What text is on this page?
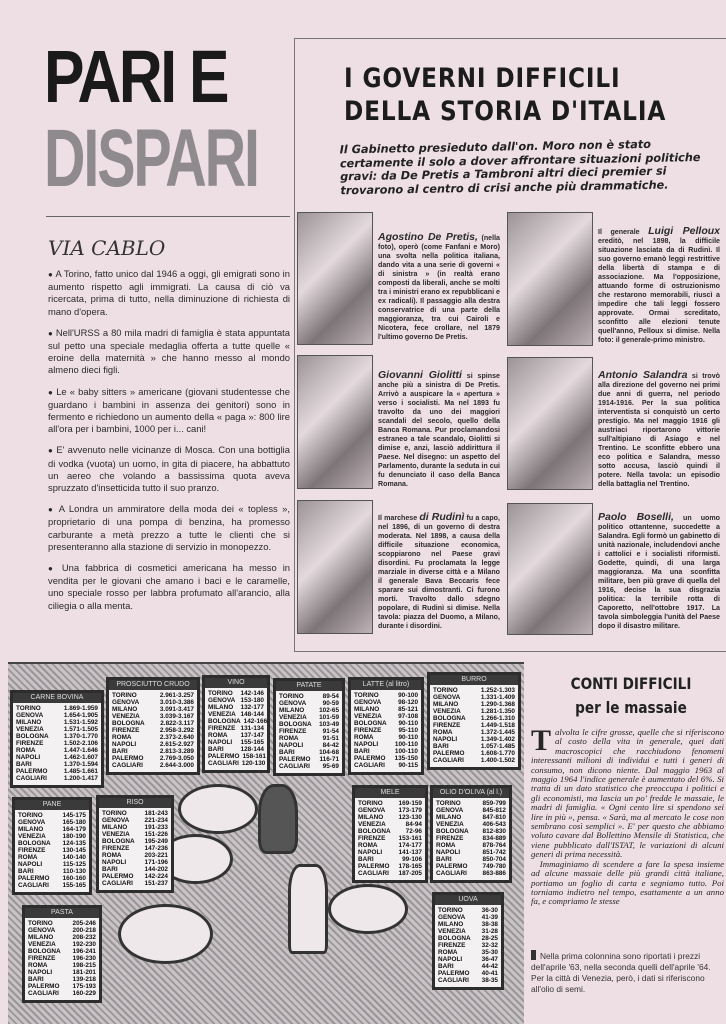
PARI E
DISPARI
VIA CABLO

● A Torino, fatto unico dal 1946 a oggi, gli emigrati sono in aumento rispetto agli immigrati. La causa di ciò va ricercata, prima di tutto, nella diminuzione di richiesta di mano d'opera.

● Nell'URSS a 80 mila madri di famiglia è stata appuntata sul petto una speciale medaglia offerta a tutte quelle « eroine della maternità » che hanno messo al mondo almeno dieci figli.

● Le « baby sitters » americane (giovani studentesse che guardano i bambini in assenza dei genitori) sono in fermento e richiedono un aumento della « paga »: 800 lire all'ora per i bambini, 1000 per i... cani!

● E' avvenuto nelle vicinanze di Mosca. Con una bottiglia di vodka (vuota) un uomo, in gita di piacere, ha abbattuto un aereo che volando a bassissima quota aveva spruzzato d'insetticida tutto il suo pranzo.

● A Londra un ammiratore della moda dei « topless », proprietario di una pompa di benzina, ha promesso carburante a metà prezzo a tutte le clienti che si presenteranno alla stazione di servizio in monopezzo.

● Una fabbrica di cosmetici americana ha messo in vendita per le giovani che amano i baci e le caramelle, uno speciale rosso per labbra profumato all'arancio, alla ciliegia o alla menta.

I GOVERNI DIFFICILI
DELLA STORIA D'ITALIA
Il Gabinetto presieduto dall'on. Moro non è stato certamente il solo a dover affrontare situazioni politiche gravi: da De Pretis a Tambroni altri dieci premier si trovarono al centro di crisi anche più drammatiche.
Agostino De Pretis, (nella foto), operò (come Fanfani e Moro) una svolta nella politica italiana, dando vita a una serie di governi « di sinistra » (in realtà erano composti da liberali, anche se molti tra i ministri erano ex repubblicani e ex radicali). Il passaggio alla destra conservatrice di una parte della maggioranza, tra cui Cairoli e Nicotera, fece crollare, nel 1879 l'ultimo governo De Pretis.
Il generale Luigi Pelloux ereditò, nel 1898, la difficile situazione lasciata da di Rudinì. Il suo governo emanò leggi restrittive della libertà di stampa e di associazione. Ma l'opposizione, attuando forme di ostruzionismo che restarono memorabili, riuscì a impedire che tali leggi fossero approvate. Ormai screditato, sconfitto alle elezioni tenute quell'anno, Pelloux si dimise. Nella foto: il generale-primo ministro.
Giovanni Giolitti si spinse anche più a sinistra di De Pretis. Arrivò a auspicare la « apertura » verso i socialisti. Ma nel 1893 fu travolto da uno dei maggiori scandali del secolo, quello della Banca Romana. Pur proclamandosi estraneo a tale scandalo, Giolitti si dimise e, anzi, lasciò addirittura il Paese. Nel disegno: un aspetto del Parlamento, durante la seduta in cui fu denunciato il caso della Banca Romana.
Antonio Salandra si trovò alla direzione del governo nei primi due anni di guerra, nel periodo 1914-1916. Per la sua politica interventista si conquistò un certo prestigio. Ma nel maggio 1916 gli austriaci riportarono vittorie sull'altipiano di Asiago e nel Trentino. Le sconfitte ebbero una eco politica e Salandra, messo sotto accusa, lasciò quindi il potere. Nella tavola: un episodio della battaglia nel Trentino.
Il marchese di Rudinì fu a capo, nel 1896, di un governo di destra moderata. Nel 1898, a causa della difficile situazione economica, scoppiarono nel Paese gravi disordini. Fu proclamata la legge marziale in diverse città e a Milano il generale Bava Beccaris fece sparare sui dimostranti. Ci furono morti. Travolto dallo sdegno popolare, di Rudinì si dimise. Nella tavola: piazza del Duomo, a Milano, durante i disordini.
Paolo Boselli, un uomo politico ottantenne, succedette a Salandra. Egli formò un gabinetto di unità nazionale, includendovi anche i cattolici e i socialisti riformisti. Godette, quindi, di una larga maggioranza. Ma una sconfitta militare, ben più grave di quella del 1916, decise la sua disgrazia politica: la terribile rotta di Caporetto, nell'ottobre 1917. La tavola simboleggia l'unità del Paese dopo il disastro militare.
CARNE BOVINA
TORINO	1.869-1.959
GENOVA	1.654-1.905
MILANO	1.531-1.592
VENEZIA	1.571-1.505
BOLOGNA 1.370-1.770
FIRENZE	1.502-2.106
ROMA	1.447-1.646
NAPOLI	1.462-1.607
BARI	1.370-1.594
PALERMO	1.485-1.661
CAGLIARI	1.200-1.417
PROSCIUTTO CRUDO
TORINO	2.961-3.257
GENOVA	3.010-3.386
MILANO	3.091-3.417
VENEZIA	3.039-3.167
BOLOGNA 2.822-3.117
FIRENZE	2.958-3.292
ROMA	2.373-2.640
NAPOLI	2.615-2.927
BARI	2.813-3.289
PALERMO	2.769-3.050
CAGLIARI	2.644-3.000
VINO
TORINO 142-146
GENOVA 153-180
MILANO 132-177
VENEZIA 148-144
BOLOGNA 142-166
FIRENZE 131-134
ROMA 137-147
NAPOLI 155-165
BARI	128-144
PALERMO 158-161
CAGLIARI 120-130
PATATE
TORINO	89-54
GENOVA	90-59
MILANO 102-65
VENEZIA 101-59
BOLOGNA 103-49
FIRENZE	91-54
ROMA	91-51
NAPOLI	84-42
BARI	104-68
PALERMO 116-71
CAGLIARI 95-69
LATTE (al litro)
TORINO	90-100
GENOVA	98-120
MILANO	85-121
VENEZIA	97-108
BOLOGNA 90-110
FIRENZE	95-110
ROMA	90-110
NAPOLI	100-110
BARI	100-110
PALERMO 135-150
CAGLIARI 90-115
BURRO
TORINO	1.252-1.303
GENOVA	1.331-1.409
MILANO	1.290-1.368
VENEZIA	1.281-1.350
BOLOGNA 1.266-1.310
FIRENZE	1.449-1.518
ROMA	1.372-1.445
NAPOLI	1.349-1.402
BARI	1.057-1.485
PALERMO	1.608-1.770
CAGLIARI	1.400-1.502
PANE
TORINO	145-175
GENOVA	165-180
MILANO	164-179
VENEZIA	180-190
BOLOGNA 124-135
FIRENZE	130-145
ROMA	140-140
NAPOLI	115-125
BARI	110-130
PALERMO 160-160
CAGLIARI 155-165
RISO
TORINO	181-243
GENOVA 221-234
MILANO	191-233
VENEZIA 151-226
BOLOGNA 195-249
FIRENZE 147-236
ROMA	203-221
NAPOLI	171-196
BARI	144-202
PALERMO 142-224
CAGLIARI 151-237
MELE
TORINO 169-159
GENOVA 173-179
MILANO 123-130
VENEZIA	84-94
BOLOGNA 72-96
FIRENZE 153-161
ROMA	174-177
NAPOLI	141-137
BARI	99-106
PALERMO 178-165
CAGLIARI 187-205
OLIO D'OLIVA (al l.)
TORINO	859-799
GENOVA	845-812
MILANO	847-810
VENEZIA	406-543
BOLOGNA 812-830
FIRENZE	834-889
ROMA	878-764
NAPOLI	851-742
BARI	850-704
PALERMO 749-780
CAGLIARI 863-886
PASTA
TORINO	205-246
GENOVA	200-218
MILANO	208-232
VENEZIA	192-230
BOLOGNA 196-241
FIRENZE	196-230
ROMA	198-215
NAPOLI	181-201
BARI	139-218
PALERMO 175-193
CAGLIARI 160-229
UOVA
TORINO	36-30
GENOVA	41-39
MILANO	38-38
VENEZIA 31-28
BOLOGNA 28-25
FIRENZE	32-32
ROMA	35-30
NAPOLI	36-47
BARI	44-42
PALERMO 40-41
CAGLIARI 38-35
CONTI DIFFICILI
per le massaie
Talvolta le cifre grosse, quelle che si riferiscono al costo della vita in generale, quei dati macroscopici che racchiudono fenomeni interessanti milioni di individui e tutti i generi di consumo, non dicono niente. Dal maggio 1963 al maggio 1964 l'indice generale è aumentato del 6%. Si tratta di un dato statistico che preoccupa i politici e gli economisti, ma lascia un po' fredde le massaie, le madri di famiglia. « Ogni cento lire si spendono sei lire in più », pensa. « Sarà, ma al mercato le cose non sembrano così semplici ». E' per questo che abbiamo voluto cavare dal Bollettino Mensile di Statistica, che viene pubblicato dall'ISTAT, le variazioni di alcuni generi di prima necessità.
 Immaginiamo di scendere a fare la spesa insieme ad alcune massaie delle più grandi città italiane, portiamo un foglio di carta e segniamo tutto. Poi torniamo indietro nel tempo, esattamente a un anno fa, e compriamo le stesse
Nella prima colonnina sono riportati i prezzi dell'aprile '63, nella seconda quelli dell'aprile '64. Per la città di Venezia, però, i dati si riferiscono all'olio di semi.
